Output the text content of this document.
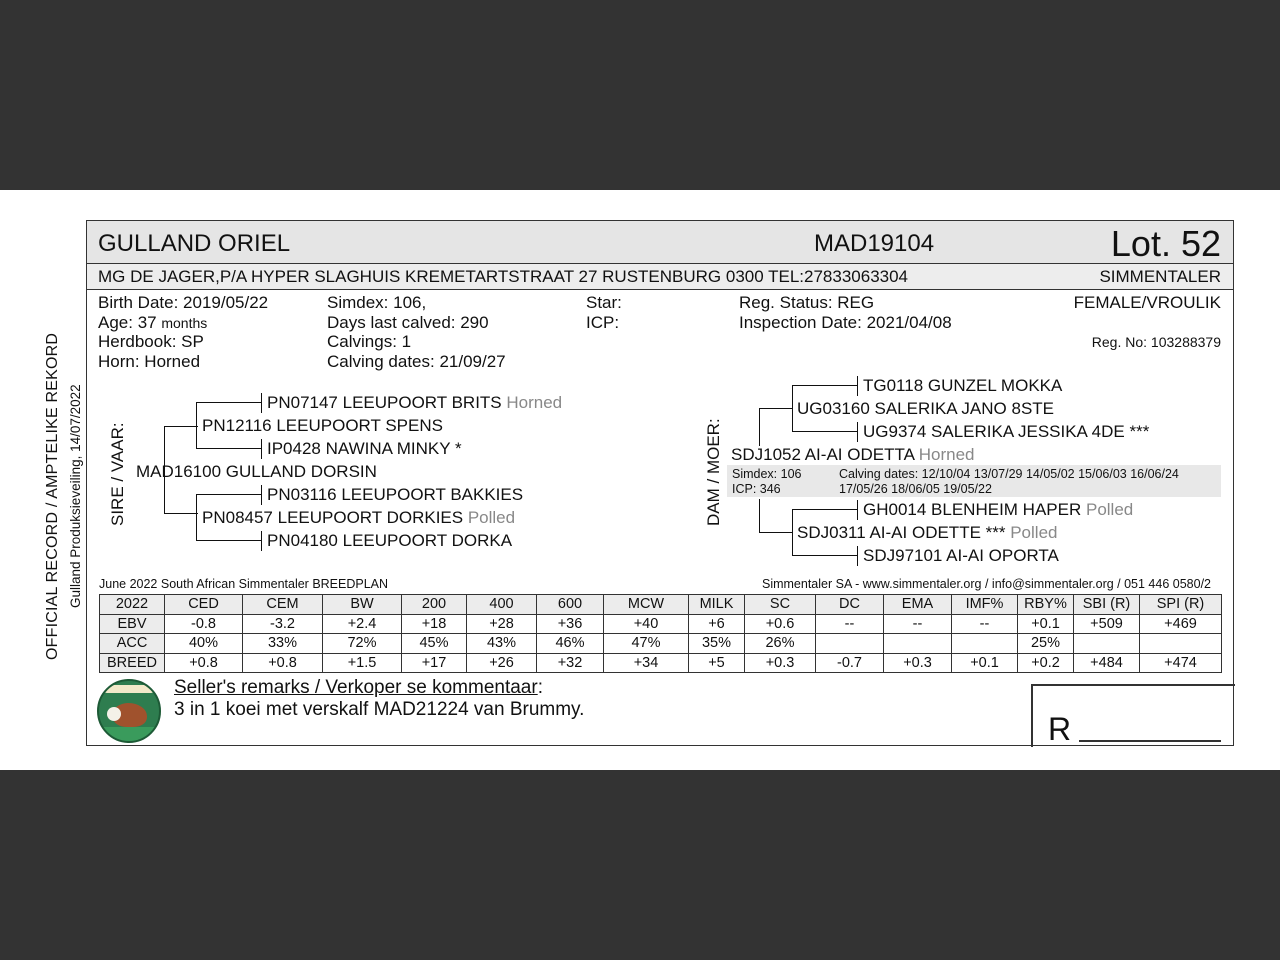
OFFICIAL RECORD / AMPTELIKE REKORD Gulland Produksieveiling, 14/07/2022
GULLAND ORIEL	MAD19104	Lot. 52
MG DE JAGER,P/A HYPER SLAGHUIS KREMETARTSTRAAT 27 RUSTENBURG 0300 TEL:27833063304	SIMMENTALER
Birth Date: 2019/05/22
Age: 37 months
Herdbook: SP
Horn: Horned
Simdex: 106,
Days last calved: 290
Calvings: 1
Calving dates: 21/09/27
Star:
ICP:
Reg. Status: REG
Inspection Date: 2021/04/08
FEMALE/VROULIK
Reg. No: 103288379
SIRE / VAAR:
PN07147 LEEUPOORT BRITS Horned
PN12116 LEEUPOORT SPENS
IP0428 NAWINA MINKY *
MAD16100 GULLAND DORSIN
PN03116 LEEUPOORT BAKKIES
PN08457 LEEUPOORT DORKIES Polled
PN04180 LEEUPOORT DORKA
DAM / MOER:
TG0118 GUNZEL MOKKA
UG03160 SALERIKA JANO 8STE
UG9374 SALERIKA JESSIKA 4DE ***
SDJ1052 AI-AI ODETTA Horned
Simdex: 106
ICP: 346
Calving dates: 12/10/04 13/07/29 14/05/02 15/06/03 16/06/24
17/05/26 18/06/05 19/05/22
GH0014 BLENHEIM HAPER Polled
SDJ0311 AI-AI ODETTE *** Polled
SDJ97101 AI-AI OPORTA
June 2022 South African Simmentaler BREEDPLAN	Simmentaler SA - www.simmentaler.org / info@simmentaler.org / 051 446 0580/2
2022	CED	CEM	BW	200	400	600	MCW	MILK	SC	DC	EMA	IMF%	RBY%	SBI (R)	SPI (R)
EBV	-0.8	-3.2	+2.4	+18	+28	+36	+40	+6	+0.6	--	--	--	+0.1	+509	+469
ACC	40%	33%	72%	45%	43%	46%	47%	35%	26%				25%		
BREED	+0.8	+0.8	+1.5	+17	+26	+32	+34	+5	+0.3	-0.7	+0.3	+0.1	+0.2	+484	+474
Seller's remarks / Verkoper se kommentaar:
3 in 1 koei met verskalf MAD21224 van Brummy.
R
